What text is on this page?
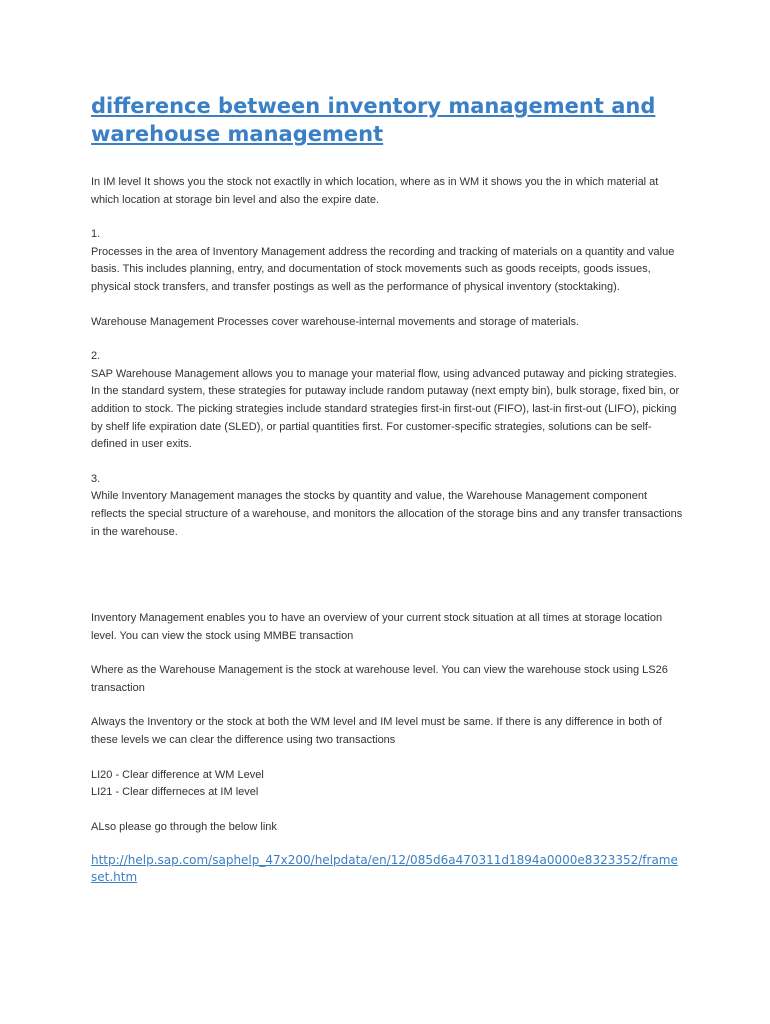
difference between inventory management and warehouse management

In IM level It shows you the stock not exactlly in which location, where as in WM it shows you the in which material at which location at storage bin level and also the expire date.

1.

Processes in the area of Inventory Management address the recording and tracking of materials on a quantity and value basis. This includes planning, entry, and documentation of stock movements such as goods receipts, goods issues, physical stock transfers, and transfer postings as well as the performance of physical inventory (stocktaking).

Warehouse Management Processes cover warehouse-internal movements and storage of materials.

2.

SAP Warehouse Management allows you to manage your material flow, using advanced putaway and picking strategies. In the standard system, these strategies for putaway include random putaway (next empty bin), bulk storage, fixed bin, or addition to stock. The picking strategies include standard strategies first-in first-out (FIFO), last-in first-out (LIFO), picking by shelf life expiration date (SLED), or partial quantities first. For customer-specific strategies, solutions can be self-defined in user exits.

3.

While Inventory Management manages the stocks by quantity and value, the Warehouse Management component reflects the special structure of a warehouse, and monitors the allocation of the storage bins and any transfer transactions in the warehouse.

Inventory Management enables you to have an overview of your current stock situation at all times at storage location level. You can view the stock using MMBE transaction

Where as the Warehouse Management is the stock at warehouse level. You can view the warehouse stock using LS26 transaction

Always the Inventory or the stock at both the WM level and IM level must be same. If there is any difference in both of these levels we can clear the difference using two transactions

LI20 - Clear difference at WM Level

LI21 - Clear differneces at IM level

ALso please go through the below link

http://help.sap.com/saphelp_47x200/helpdata/en/12/085d6a470311d1894a0000e8323352/frameset.htm
